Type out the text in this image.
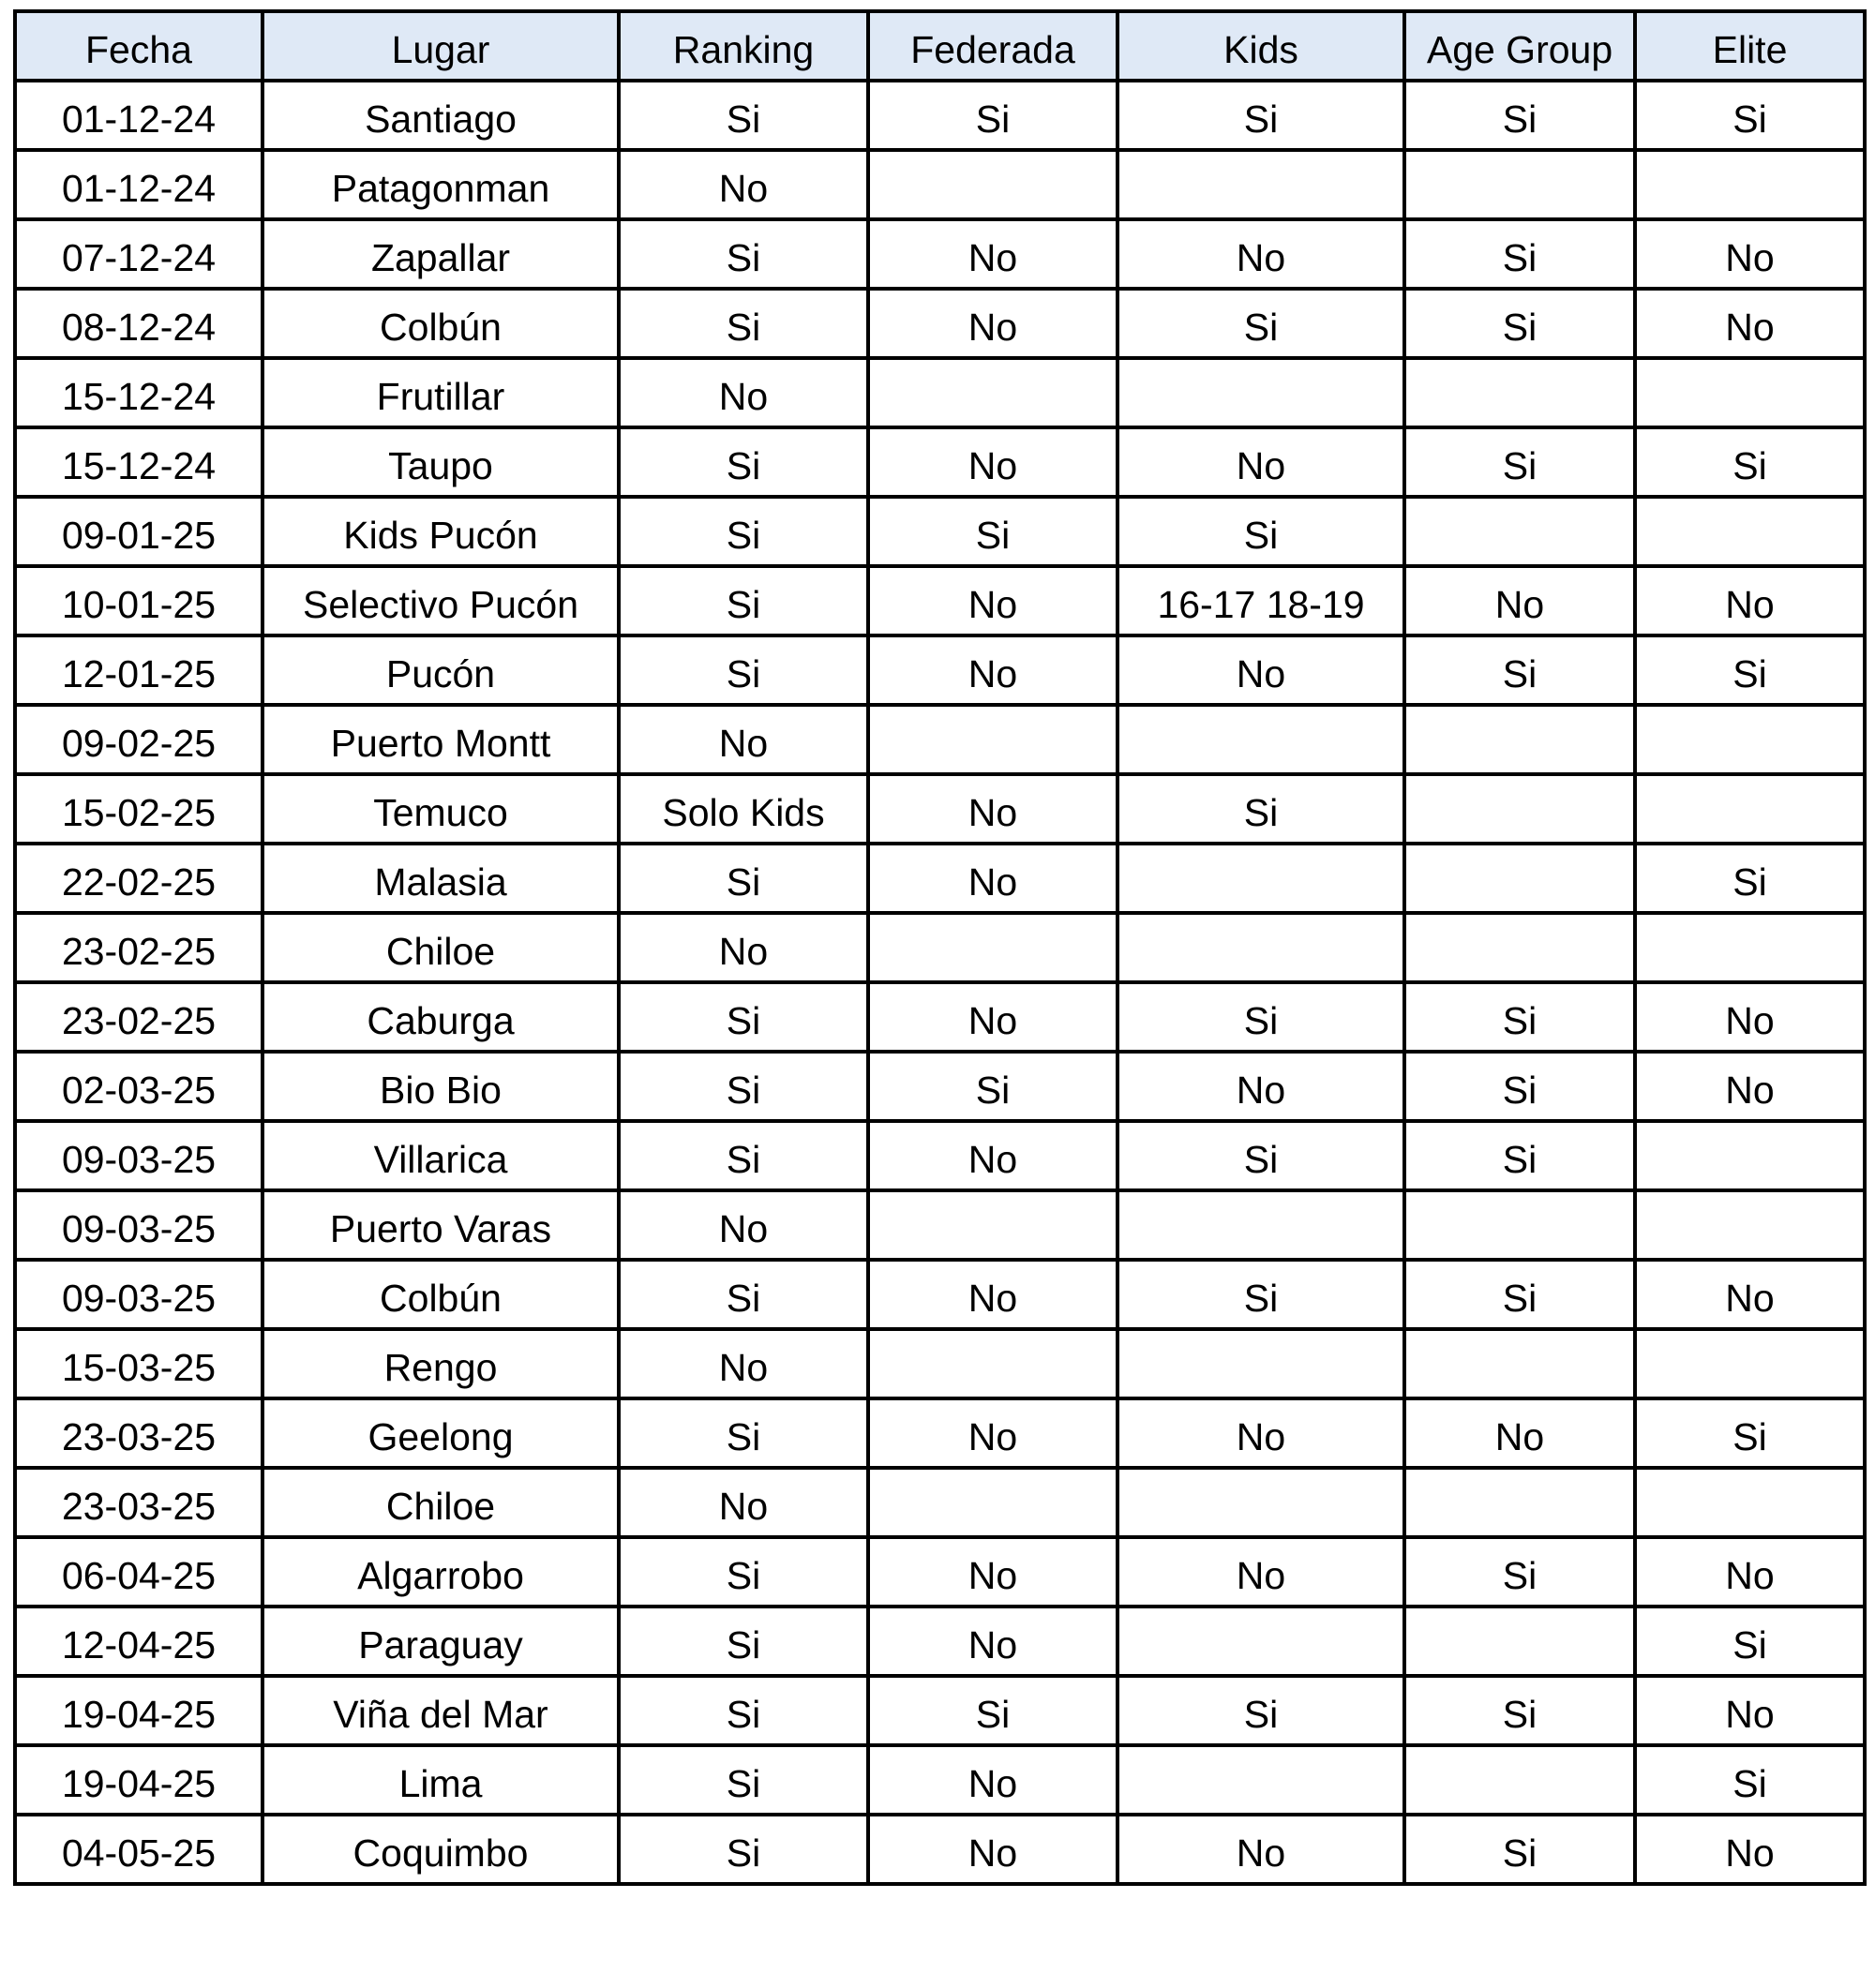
Fecha	Lugar	Ranking	Federada	Kids	Age Group	Elite
01-12-24	Santiago	Si	Si	Si	Si	Si
01-12-24	Patagonman	No				
07-12-24	Zapallar	Si	No	No	Si	No
08-12-24	Colbún	Si	No	Si	Si	No
15-12-24	Frutillar	No				
15-12-24	Taupo	Si	No	No	Si	Si
09-01-25	Kids Pucón	Si	Si	Si		
10-01-25	Selectivo Pucón	Si	No	16-17 18-19	No	No
12-01-25	Pucón	Si	No	No	Si	Si
09-02-25	Puerto Montt	No				
15-02-25	Temuco	Solo Kids	No	Si		
22-02-25	Malasia	Si	No			Si
23-02-25	Chiloe	No				
23-02-25	Caburga	Si	No	Si	Si	No
02-03-25	Bio Bio	Si	Si	No	Si	No
09-03-25	Villarica	Si	No	Si	Si	
09-03-25	Puerto Varas	No				
09-03-25	Colbún	Si	No	Si	Si	No
15-03-25	Rengo	No				
23-03-25	Geelong	Si	No	No	No	Si
23-03-25	Chiloe	No				
06-04-25	Algarrobo	Si	No	No	Si	No
12-04-25	Paraguay	Si	No			Si
19-04-25	Viña del Mar	Si	Si	Si	Si	No
19-04-25	Lima	Si	No			Si
04-05-25	Coquimbo	Si	No	No	Si	No
